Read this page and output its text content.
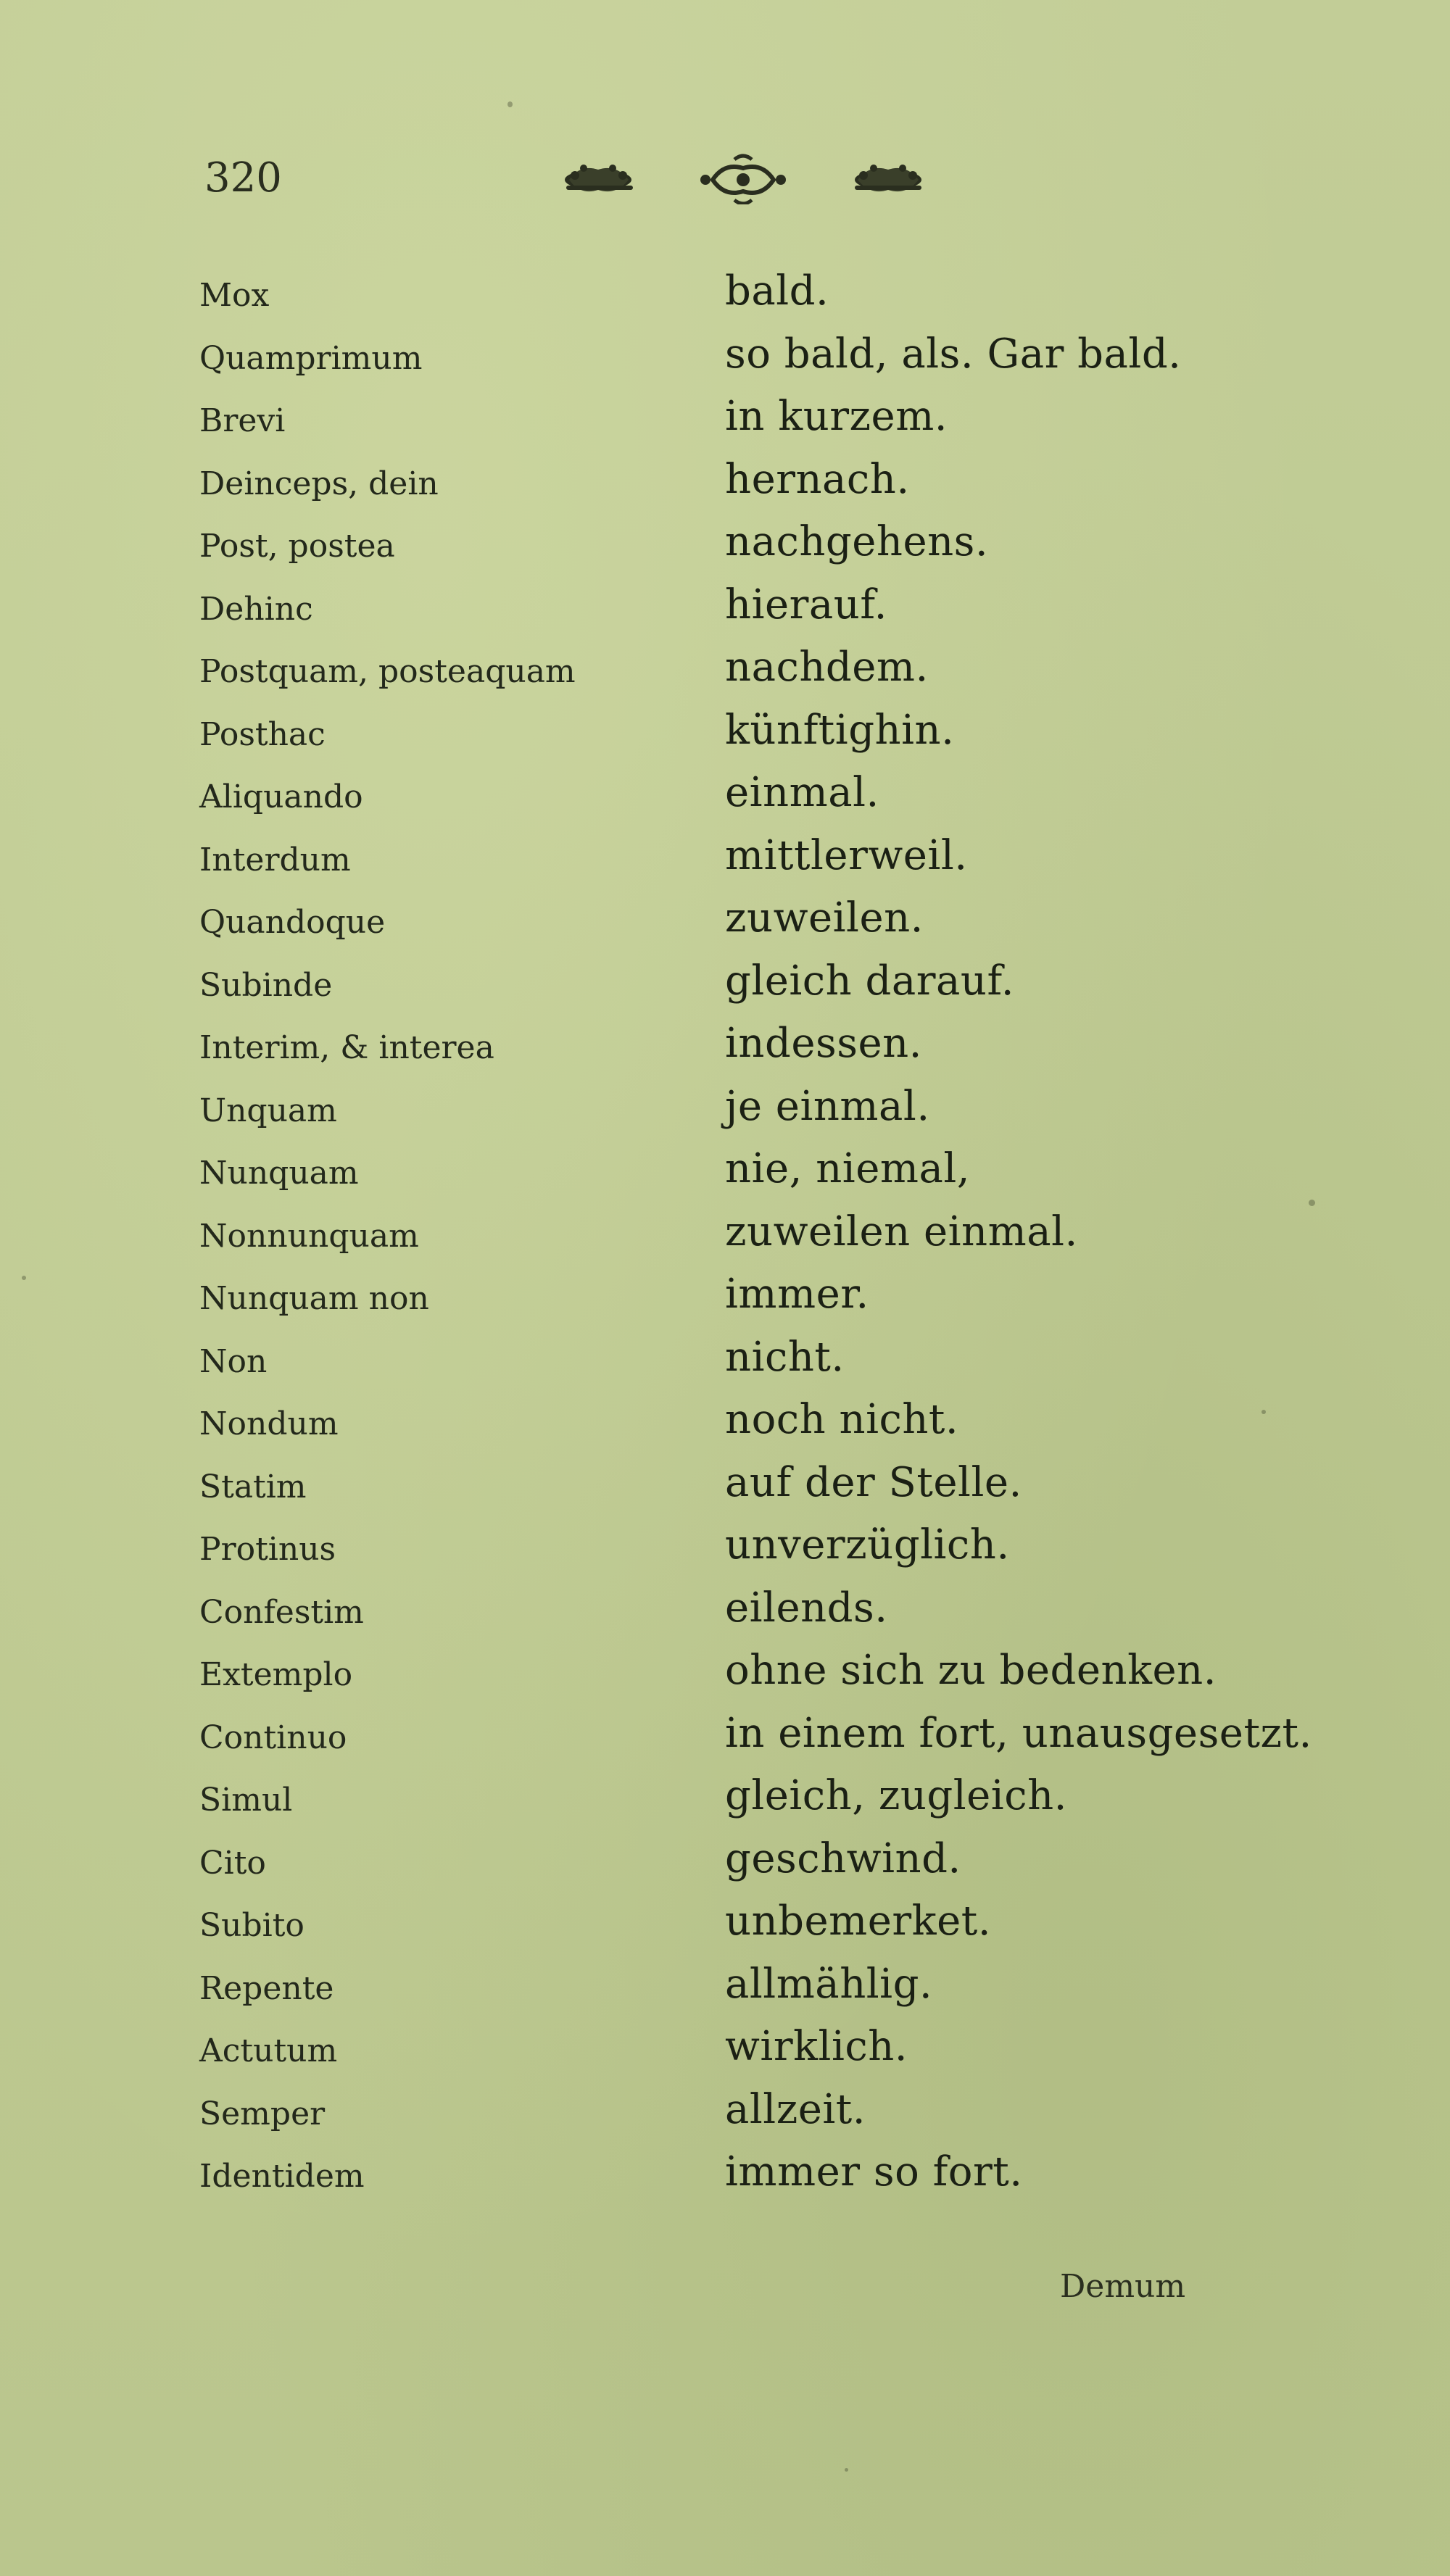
320
Mox	bald.
Quamprimum	so bald, als. Gar bald.
Brevi	in kurzem.
Deinceps, dein	hernach.
Post, postea	nachgehens.
Dehinc	hierauf.
Postquam, posteaquam	nachdem.
Posthac	künftighin.
Aliquando	einmal.
Interdum	mittlerweil.
Quandoque	zuweilen.
Subinde	gleich darauf.
Interim, & interea	indessen.
Unquam	je einmal.
Nunquam	nie, niemal,
Nonnunquam	zuweilen einmal.
Nunquam non	immer.
Non	nicht.
Nondum	noch nicht.
Statim	auf der Stelle.
Protinus	unverzüglich.
Confestim	eilends.
Extemplo	ohne sich zu bedenken.
Continuo	in einem fort, unausgesetzt.
Simul	gleich, zugleich.
Cito	geschwind.
Subito	unbemerket.
Repente	allmählig.
Actutum	wirklich.
Semper	allzeit.
Identidem	immer so fort.
Demum
